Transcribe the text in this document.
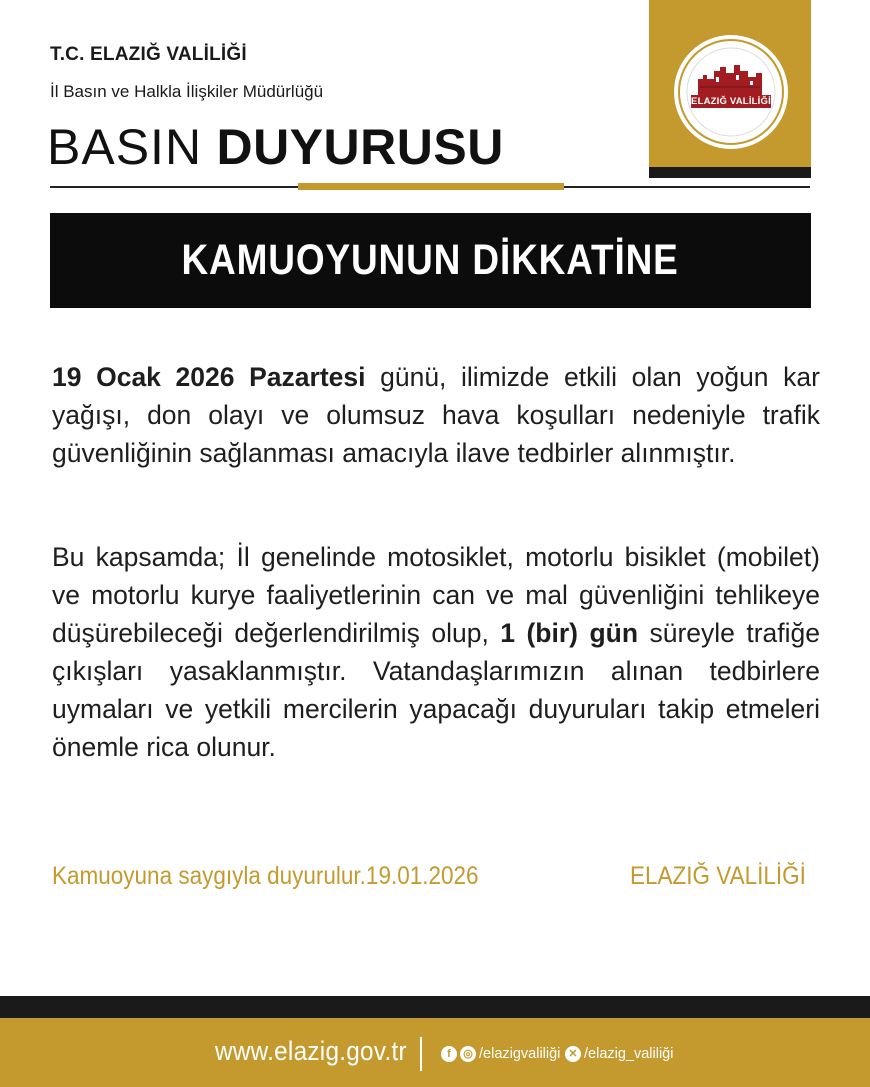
T.C. ELAZIĞ VALİLİĞİ
İl Basın ve Halkla İlişkiler Müdürlüğü
BASIN DUYURUSU
ELAZIĞ VALİLİĞİ
KAMUOYUNUN DİKKATİNE
19 Ocak 2026 Pazartesi günü, ilimizde etkili olan yoğun kar yağışı, don olayı ve olumsuz hava koşulları nedeniyle trafik güvenliğinin sağlanması amacıyla ilave tedbirler alınmıştır.
Bu kapsamda; İl genelinde motosiklet, motorlu bisiklet (mobilet) ve motorlu kurye faaliyetlerinin can ve mal güvenliğini tehlikeye düşürebileceği değerlendirilmiş olup, 1 (bir) gün süreyle trafiğe çıkışları yasaklanmıştır. Vatandaşlarımızın alınan tedbirlere uymaları ve yetkili mercilerin yapacağı duyuruları takip etmeleri önemle rica olunur.
Kamuoyuna saygıyla duyurulur.19.01.2026	ELAZIĞ VALİLİĞİ
www.elazig.gov.tr	f	◎ /elazigvaliliği ✕ /elazig_valiliği
